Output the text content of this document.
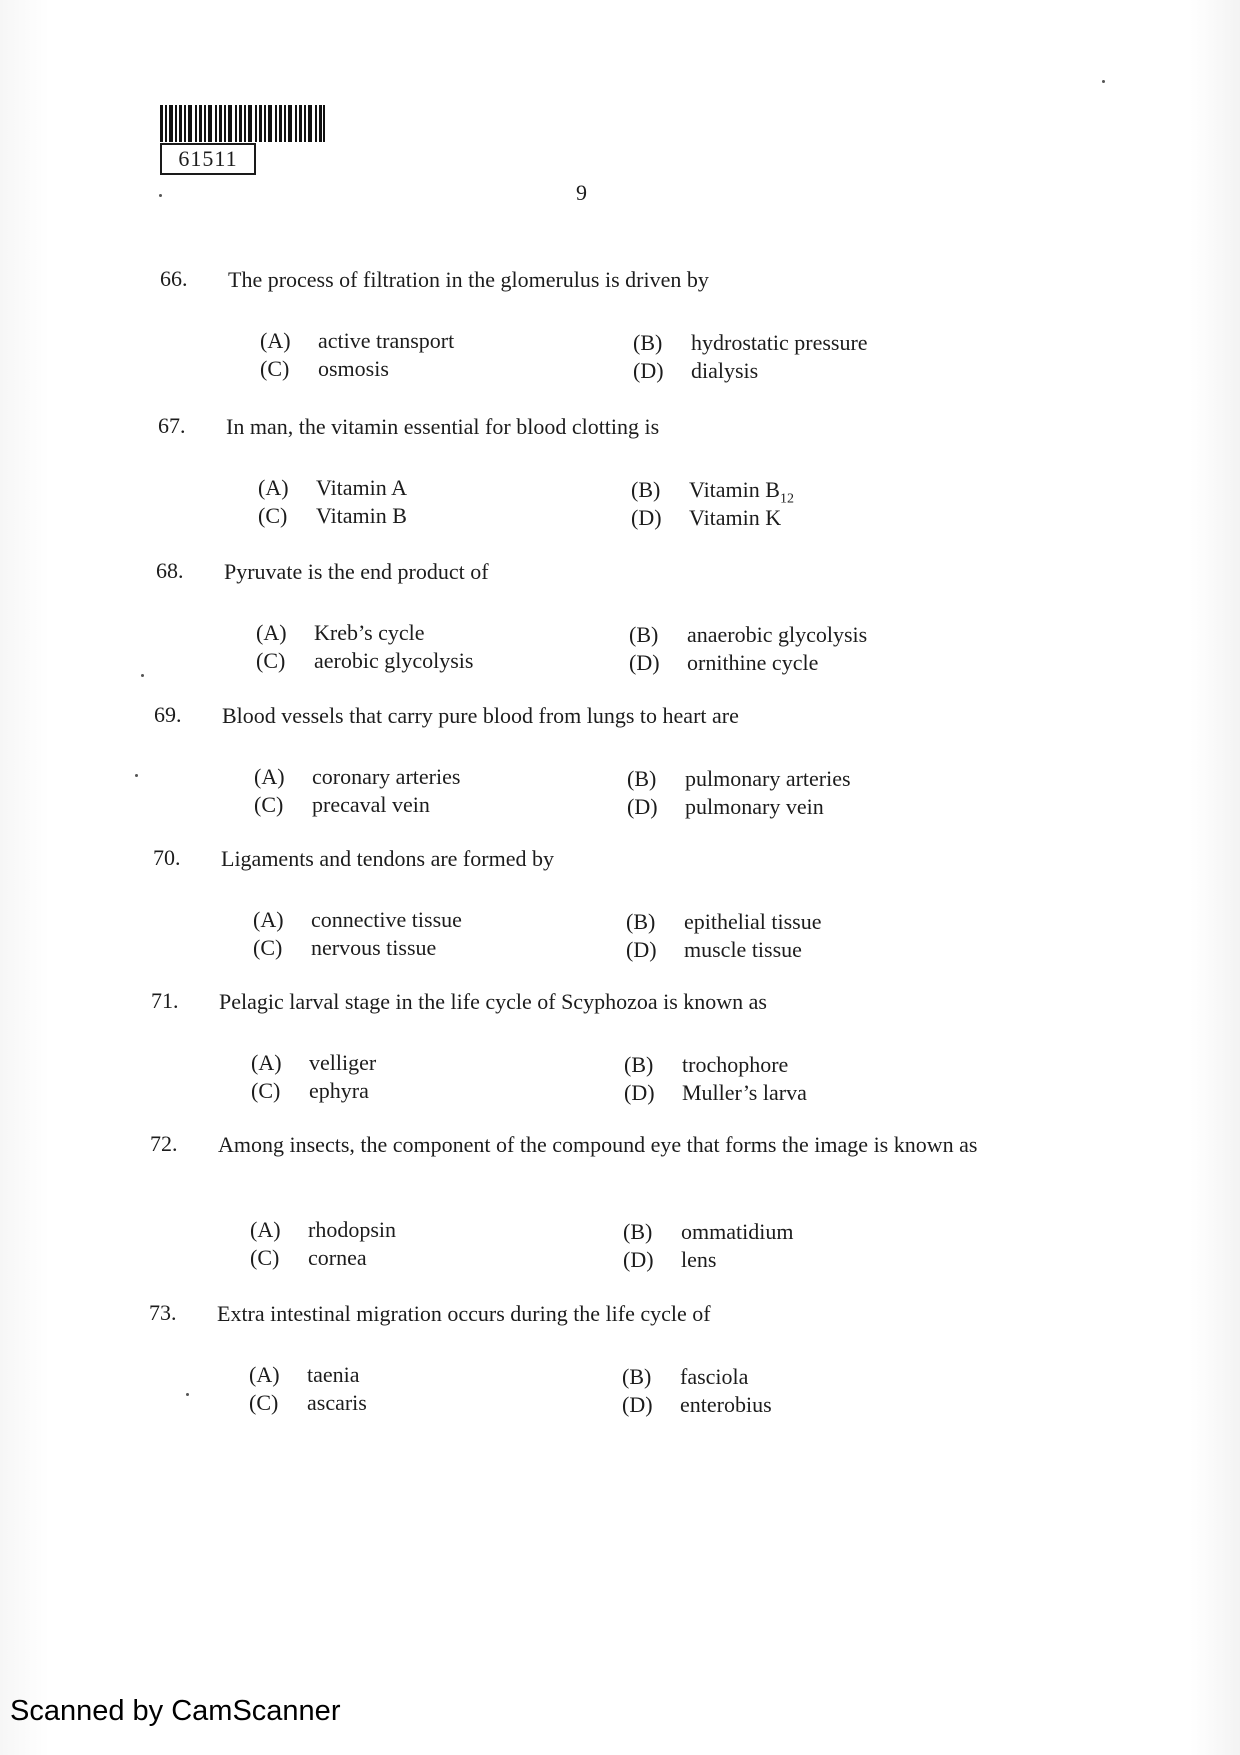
61511
9
66. The process of filtration in the glomerulus is driven by
(A) active transport	(B) hydrostatic pressure
(C) osmosis	(D) dialysis
67. In man, the vitamin essential for blood clotting is
(A) Vitamin A	(B) Vitamin $B_{12}$
(C) Vitamin B	(D) Vitamin K
68. Pyruvate is the end product of
(A) Kreb’s cycle	(B) anaerobic glycolysis
(C) aerobic glycolysis	(D) ornithine cycle
69. Blood vessels that carry pure blood from lungs to heart are
(A) coronary arteries	(B) pulmonary arteries
(C) precaval vein	(D) pulmonary vein
70. Ligaments and tendons are formed by
(A) connective tissue	(B) epithelial tissue
(C) nervous tissue	(D) muscle tissue
71. Pelagic larval stage in the life cycle of Scyphozoa is known as
(A) velliger	(B) trochophore
(C) ephyra	(D) Muller’s larva
72. Among insects, the component of the compound eye that forms the image is known as
(A) rhodopsin	(B) ommatidium
(C) cornea	(D) lens
73. Extra intestinal migration occurs during the life cycle of
(A) taenia	(B) fasciola
(C) ascaris	(D) enterobius
Scanned by CamScanner
